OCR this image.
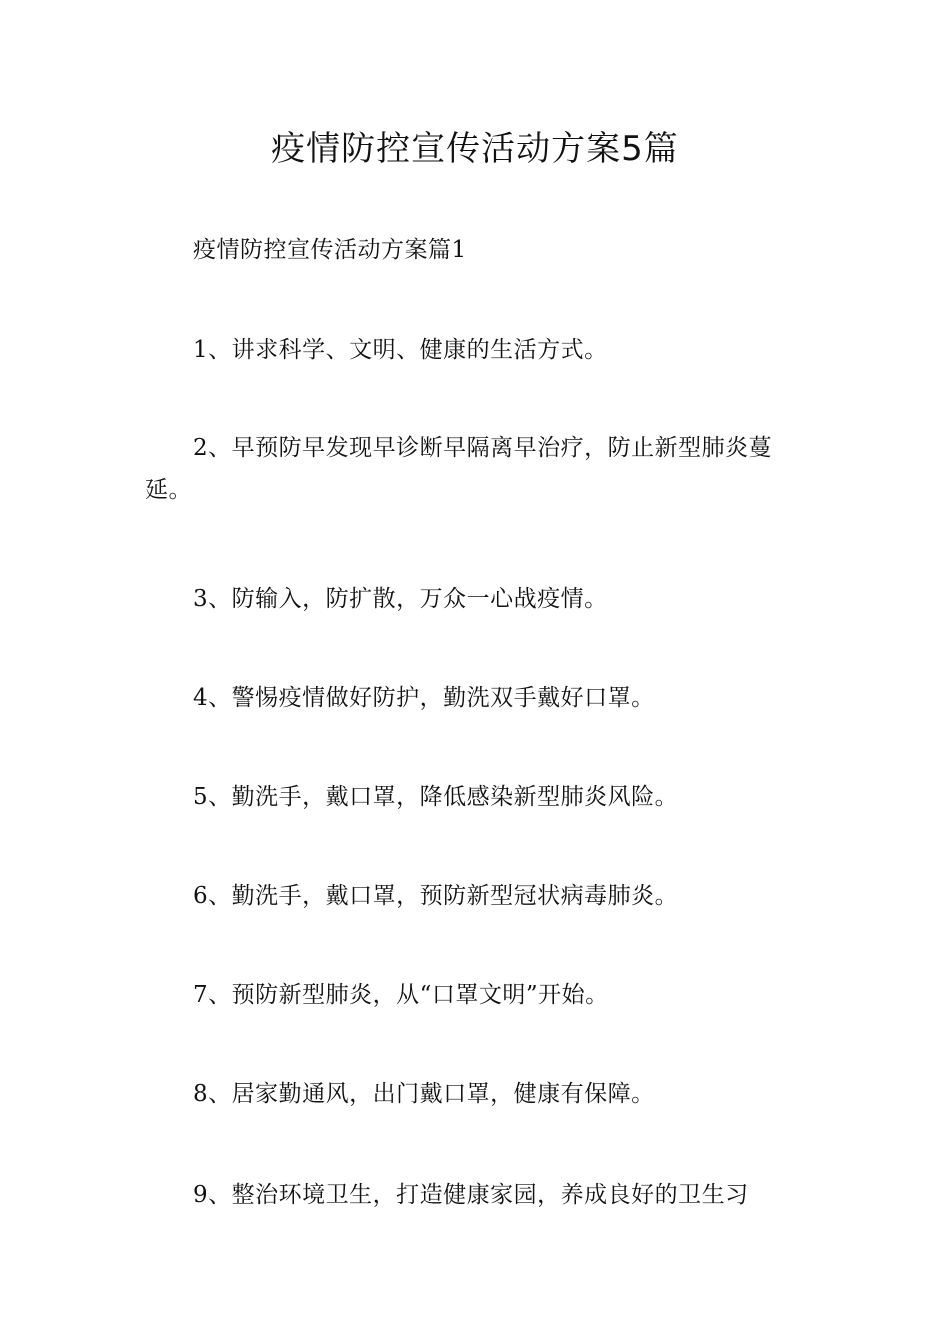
疫情防控宣传活动方案5篇

疫情防控宣传活动方案篇1

1、讲求科学、文明、健康的生活方式。

2、早预防早发现早诊断早隔离早治疗，防止新型肺炎蔓延。

3、防输入，防扩散，万众一心战疫情。

4、警惕疫情做好防护，勤洗双手戴好口罩。

5、勤洗手，戴口罩，降低感染新型肺炎风险。

6、勤洗手，戴口罩，预防新型冠状病毒肺炎。

7、预防新型肺炎，从“口罩文明”开始。

8、居家勤通风，出门戴口罩，健康有保障。

9、整治环境卫生，打造健康家园，养成良好的卫生习
